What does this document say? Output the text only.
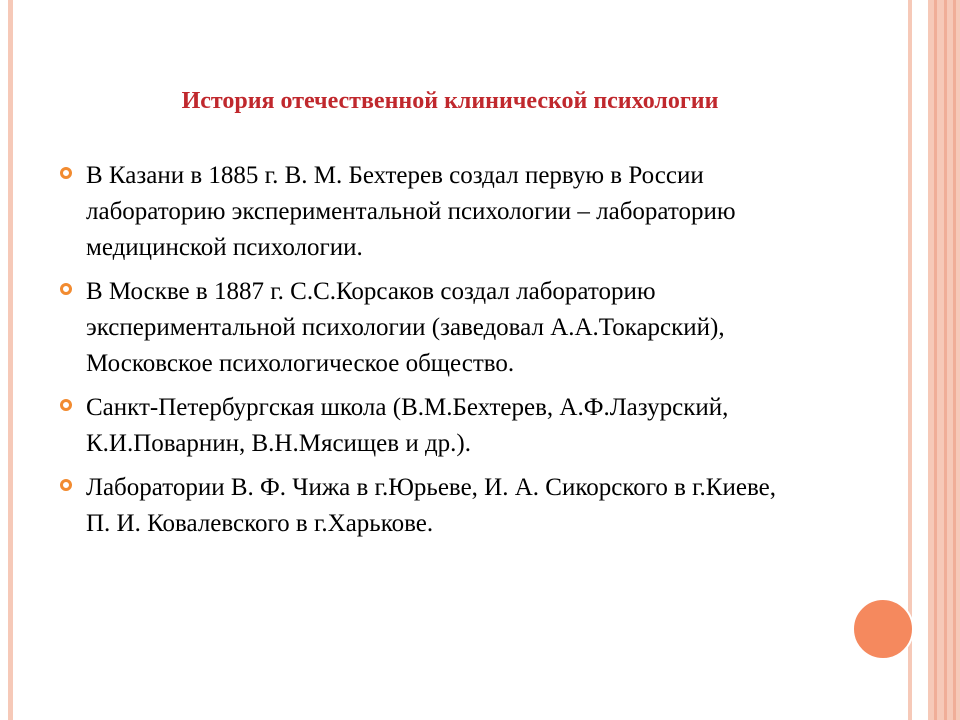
История отечественной клинической психологии
В Казани в 1885 г. В. М. Бехтерев создал первую в России лабораторию экспериментальной психологии – лабораторию медицинской психологии.
В Москве в 1887 г. С.С.Корсаков создал лабораторию экспериментальной психологии (заведовал А.А.Токарский), Московское психологическое общество.
Санкт-Петербургская школа (В.М.Бехтерев, А.Ф.Лазурский, К.И.Поварнин, В.Н.Мясищев и др.).
Лаборатории В. Ф. Чижа в г.Юрьеве, И. А. Сикорского в г.Киеве, П. И. Ковалевского в г.Харькове.
